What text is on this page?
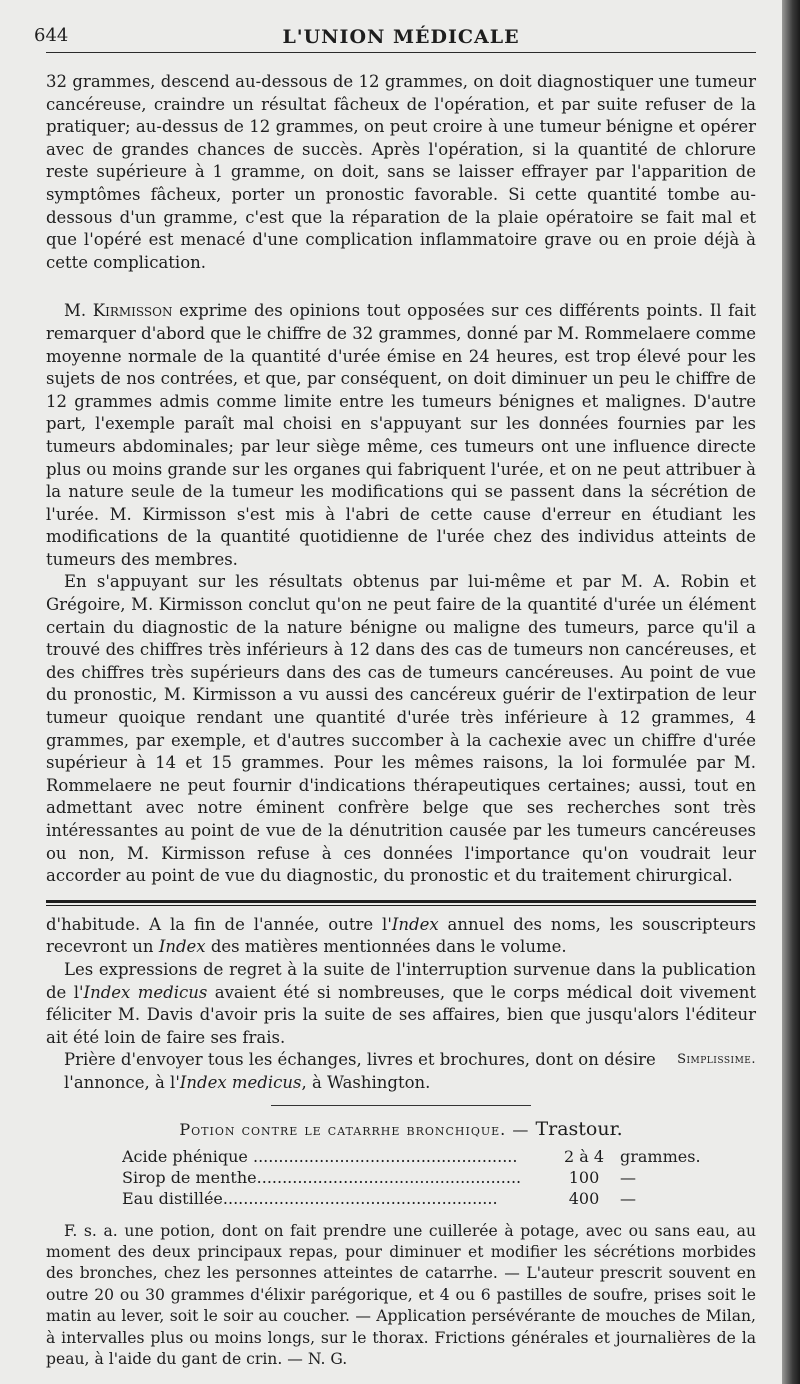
644	L'UNION MÉDICALE

32 grammes, descend au-dessous de 12 grammes, on doit diagnostiquer une tumeur cancéreuse, craindre un résultat fâcheux de l'opération, et par suite refuser de la pratiquer; au-dessus de 12 grammes, on peut croire à une tumeur bénigne et opérer avec de grandes chances de succès. Après l'opération, si la quantité de chlorure reste supérieure à 1 gramme, on doit, sans se laisser effrayer par l'apparition de symptômes fâcheux, porter un pronostic favorable. Si cette quantité tombe au-dessous d'un gramme, c'est que la réparation de la plaie opératoire se fait mal et que l'opéré est menacé d'une complication inflammatoire grave ou en proie déjà à cette complication.

M. Kirmisson exprime des opinions tout opposées sur ces différents points. Il fait remarquer d'abord que le chiffre de 32 grammes, donné par M. Rommelaere comme moyenne normale de la quantité d'urée émise en 24 heures, est trop élevé pour les sujets de nos contrées, et que, par conséquent, on doit diminuer un peu le chiffre de 12 grammes admis comme limite entre les tumeurs bénignes et malignes. D'autre part, l'exemple paraît mal choisi en s'appuyant sur les données fournies par les tumeurs abdominales; par leur siège même, ces tumeurs ont une influence directe plus ou moins grande sur les organes qui fabriquent l'urée, et on ne peut attribuer à la nature seule de la tumeur les modifications qui se passent dans la sécrétion de l'urée. M. Kirmisson s'est mis à l'abri de cette cause d'erreur en étudiant les modifications de la quantité quotidienne de l'urée chez des individus atteints de tumeurs des membres.

En s'appuyant sur les résultats obtenus par lui-même et par M. A. Robin et Grégoire, M. Kirmisson conclut qu'on ne peut faire de la quantité d'urée un élément certain du diagnostic de la nature bénigne ou maligne des tumeurs, parce qu'il a trouvé des chiffres très inférieurs à 12 dans des cas de tumeurs non cancéreuses, et des chiffres très supérieurs dans des cas de tumeurs cancéreuses. Au point de vue du pronostic, M. Kirmisson a vu aussi des cancéreux guérir de l'extirpation de leur tumeur quoique rendant une quantité d'urée très inférieure à 12 grammes, 4 grammes, par exemple, et d'autres succomber à la cachexie avec un chiffre d'urée supérieur à 14 et 15 grammes. Pour les mêmes raisons, la loi formulée par M. Rommelaere ne peut fournir d'indications thérapeutiques certaines; aussi, tout en admettant avec notre éminent confrère belge que ses recherches sont très intéressantes au point de vue de la dénutrition causée par les tumeurs cancéreuses ou non, M. Kirmisson refuse à ces données l'importance qu'on voudrait leur accorder au point de vue du diagnostic, du pronostic et du traitement chirurgical.

d'habitude. A la fin de l'année, outre l'Index annuel des noms, les souscripteurs recevront un Index des matières mentionnées dans le volume.

Les expressions de regret à la suite de l'interruption survenue dans la publication de l'Index medicus avaient été si nombreuses, que le corps médical doit vivement féliciter M. Davis d'avoir pris la suite de ses affaires, bien que jusqu'alors l'éditeur ait été loin de faire ses frais.

Prière d'envoyer tous les échanges, livres et brochures, dont on désire l'annonce, à l'Index medicus, à Washington.
Simplissime.
Potion contre le catarrhe bronchique. — Trastour.
Acide phénique ....................................................	2 à 4 grammes.
Sirop de menthe....................................................	100	—
Eau distillée......................................................	400	—

F. s. a. une potion, dont on fait prendre une cuillerée à potage, avec ou sans eau, au moment des deux principaux repas, pour diminuer et modifier les sécrétions morbides des bronches, chez les personnes atteintes de catarrhe. — L'auteur prescrit souvent en outre 20 ou 30 grammes d'élixir parégorique, et 4 ou 6 pastilles de soufre, prises soit le matin au lever, soit le soir au coucher. — Application persévérante de mouches de Milan, à intervalles plus ou moins longs, sur le thorax. Frictions générales et journalières de la peau, à l'aide du gant de crin. — N. G.
